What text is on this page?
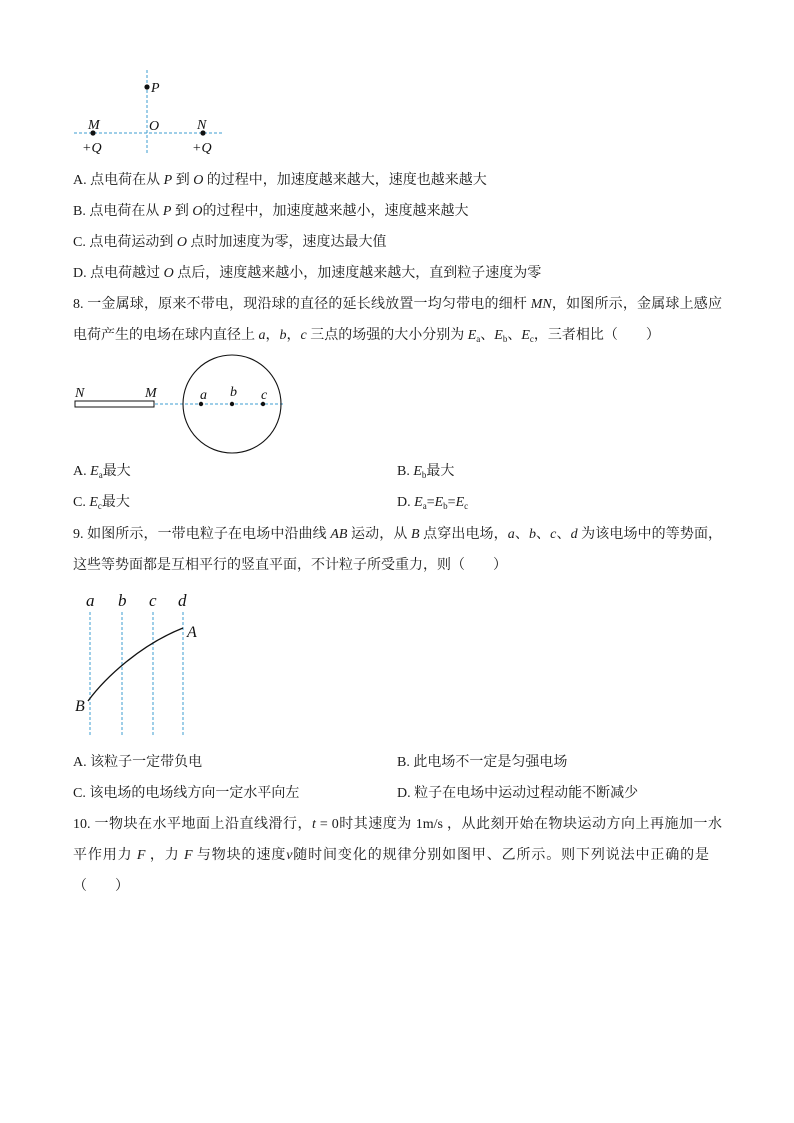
P
M
+Q
O	N
+Q
A. 点电荷在从 P 到 O 的过程中，加速度越来越大，速度也越来越大
B. 点电荷在从 P 到 O的过程中，加速度越来越小，速度越来越大
C. 点电荷运动到 O 点时加速度为零，速度达最大值
D. 点电荷越过 O 点后，速度越来越小，加速度越来越大，直到粒子速度为零
8. 一金属球，原来不带电，现沿球的直径的延长线放置一均匀带电的细杆 MN，如图所示，金属球上感应
电荷产生的电场在球内直径上 a，b，c 三点的场强的大小分别为 $E_a$、$E_b$、$E_c$，三者相比（　　）
N	M	a b c
A. $E_a$最大	B. $E_b$最大
C. $E_c$最大	D. $E_a=E_b=E_c$
9. 如图所示，一带电粒子在电场中沿曲线 AB 运动，从 B 点穿出电场，a、b、c、d 为该电场中的等势面，
这些等势面都是互相平行的竖直平面，不计粒子所受重力，则（　　）
a b c d
A
B
A. 该粒子一定带负电	B. 此电场不一定是匀强电场
C. 该电场的电场线方向一定水平向左	D. 粒子在电场中运动过程动能不断减少
10. 一物块在水平地面上沿直线滑行，t = 0时其速度为 1m/s ，从此刻开始在物块运动方向上再施加一水
平作用力 F ，力 F 与物块的速度v随时间变化的规律分别如图甲、乙所示。则下列说法中正确的是
（　　）
